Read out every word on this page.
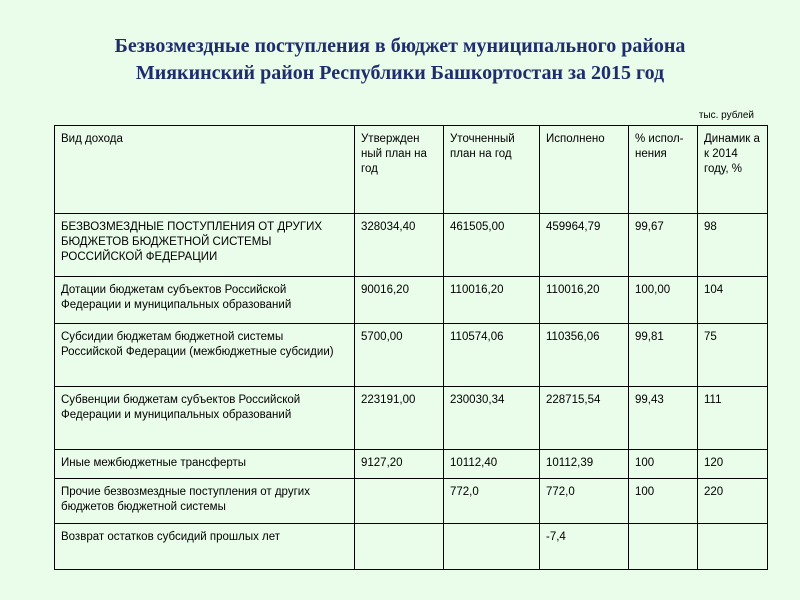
Безвозмездные поступления в бюджет муниципального района
Миякинский район Республики Башкортостан за 2015 год
тыс. рублей
Вид дохода	Утвержден ный план на год	Уточненный план на год	Исполнено	% испол-нения	Динамик а к 2014 году, %
БЕЗВОЗМЕЗДНЫЕ ПОСТУПЛЕНИЯ ОТ ДРУГИХ БЮДЖЕТОВ БЮДЖЕТНОЙ СИСТЕМЫ РОССИЙСКОЙ ФЕДЕРАЦИИ	328034,40	461505,00	459964,79	99,67	98
Дотации бюджетам субъектов Российской Федерации и муниципальных образований	90016,20	110016,20	110016,20	100,00	104
Субсидии бюджетам бюджетной системы Российской Федерации (межбюджетные субсидии)	5700,00	110574,06	110356,06	99,81	75
Субвенции бюджетам субъектов Российской Федерации и муниципальных образований	223191,00	230030,34	228715,54	99,43	111
Иные межбюджетные трансферты	9127,20	10112,40	10112,39	100	120
Прочие безвозмездные поступления от других бюджетов бюджетной системы		772,0	772,0	100	220
Возврат остатков субсидий прошлых лет			-7,4		
